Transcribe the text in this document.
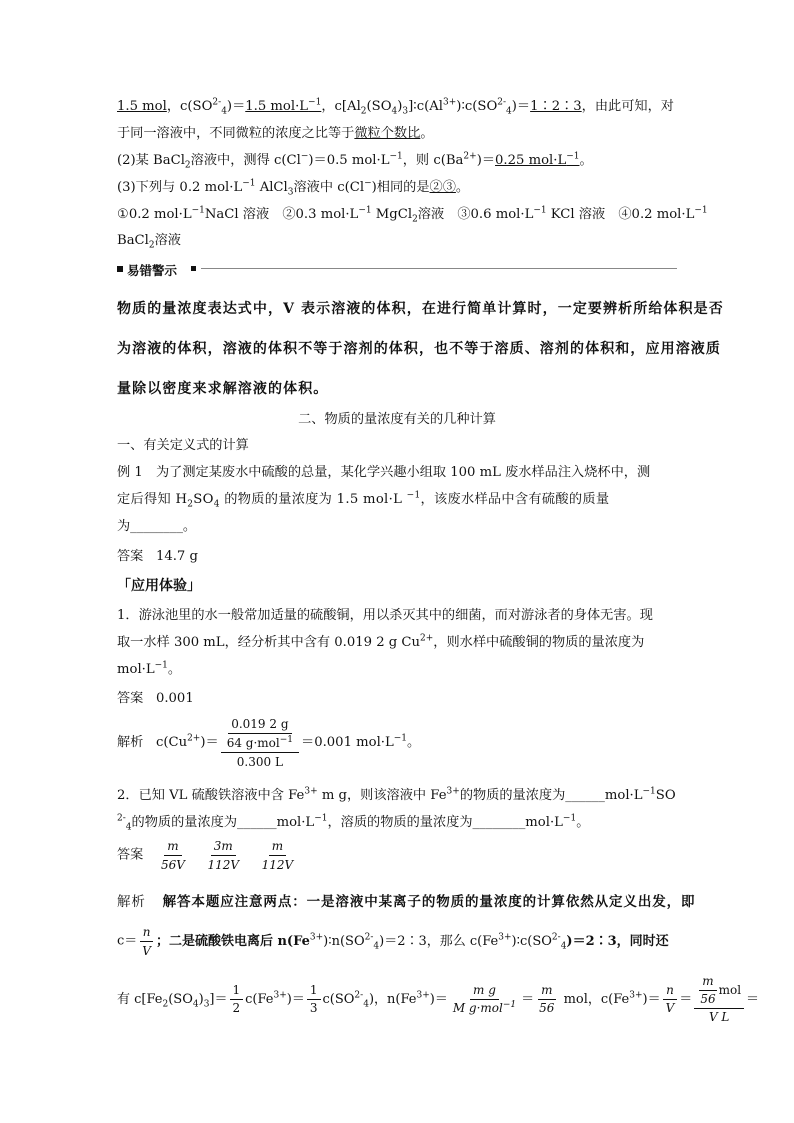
1.5 mol，$c(SO^{2-}_4)=1.5$ $mol\cdot L^{-1}$，$c[Al_2(SO_4)_3]∶c(Al^{3+})∶c(SO^{2-}_4)=1∶2∶3$，由此可知，对
于同一溶液中，不同微粒的浓度之比等于微粒个数比。
(2)某 BaCl$_2$溶液中，测得 c(Cl−)＝0.5 $mol\cdot L^{-1}$，则 $c(Ba^{2+})=0.25$ $mol\cdot L^{-1}$。
(3)下列与 0.2 $mol\cdot L^{-1}$ AlCl$_3$溶液中 c(Cl−)相同的是②③。
①0.2 $mol\cdot L^{-1}NaCl$ 溶液　②0.3 $mol\cdot L^{-1}$ MgCl$_2$溶液　③0.6 $mol\cdot L^{-1}$ KCl 溶液　④0.2 $mol\cdot L^{-1}$
BaCl$_2$溶液
易错警示
物质的量浓度表达式中，V 表示溶液的体积，在进行简单计算时，一定要辨析所给体积是否
为溶液的体积，溶液的体积不等于溶剂的体积，也不等于溶质、溶剂的体积和，应用溶液质
量除以密度来求解溶液的体积。
二、物质的量浓度有关的几种计算
一、有关定义式的计算
例 1　为了测定某废水中硫酸的总量，某化学兴趣小组取 100 mL 废水样品注入烧杯中，测
定后得知 $H_2SO_4$ 的物质的量浓度为 1.5 mol·L $^{-1}$，该废水样品中含有硫酸的质量
为________。
答案 14.7 g
「应用体验」
1．游泳池里的水一般常加适量的硫酸铜，用以杀灭其中的细菌，而对游泳者的身体无害。现
取一水样 300 mL，经分析其中含有 0.019 2 g $Cu^{2+}$，则水样中硫酸铜的物质的量浓度为
$mol\cdot L^{-1}$。
答案 0.001
解析 $c(Cu^{2+})= \frac{\frac{0.019 2 g}{64 g\cdot mol^{-1}}}{0.300 L} =0.001$ $mol\cdot L^{-1}$。
2．已知 VL 硫酸铁溶液中含 $Fe^{3+}$ m g，则该溶液中 $Fe^{3+}$的物质的量浓度为$\_\_\_\_\_\_mol\cdot L^{-1}SO$
$^{2-}_4$的物质的量浓度为$\_\_\_\_\_\_mol\cdot L^{-1}$，溶质的物质的量浓度为$\_\_\_\_\_\_\_\_mol\cdot L^{-1}$。
答案 $\frac{m}{56V}$
$\frac{3m}{112V}$
$\frac{m}{112V}$
解析 解答本题应注意两点：一是溶液中某离子的物质的量浓度的计算依然从定义出发，即
$c= \frac{n}{V}$ ；二是硫酸铁电离后 $n(Fe^{3+})∶n(SO^{2-}_4)=2∶3$，那么 $c(Fe^{3+})∶c(SO^{2-}_4)=2∶3$，同时还
有 $c[Fe_2(SO_4)_3]= \frac{1}{2} c(Fe^{3+})= \frac{1}{3} c(SO^{2-}_4)$，$n(Fe^{3+})= \frac{\text{m g}}{M g\cdot mol^{-1}} = \frac{m}{56}$ mol，$c(Fe^{3+})= \frac{n}{V} = \frac{\frac{m}{56} mol}{\text{V L}}$ ＝
